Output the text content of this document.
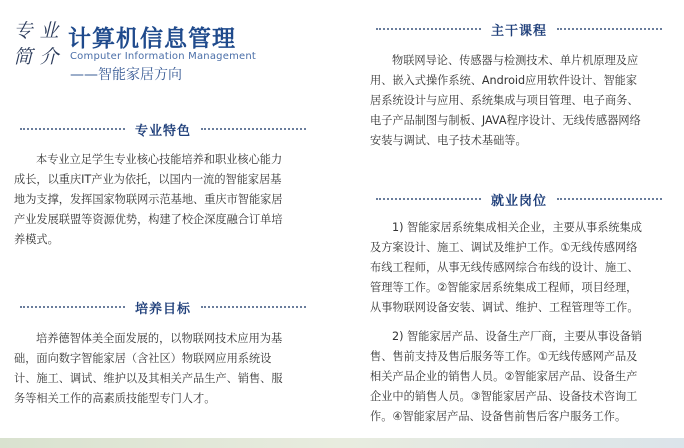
专 业
简 介
计算机信息管理
Computer Information Management
——智能家居方向
专业特色
本专业立足学生专业核心技能培养和职业核心能力
成长，以重庆IT产业为依托，以国内一流的智能家居基
地为支撑，发挥国家物联网示范基地、重庆市智能家居
产业发展联盟等资源优势，构建了校企深度融合订单培
养模式。
培养目标
培养德智体美全面发展的，以物联网技术应用为基
础，面向数字智能家居（含社区）物联网应用系统设
计、施工、调试、维护以及其相关产品生产、销售、服
务等相关工作的高素质技能型专门人才。
主干课程
物联网导论、传感器与检测技术、单片机原理及应
用、嵌入式操作系统、Android应用软件设计、智能家
居系统设计与应用、系统集成与项目管理、电子商务、
电子产品制图与制板、JAVA程序设计、无线传感器网络
安装与调试、电子技术基础等。
就业岗位
1) 智能家居系统集成相关企业，主要从事系统集成
及方案设计、施工、调试及维护工作。①无线传感网络
布线工程师，从事无线传感网综合布线的设计、施工、
管理等工作。②智能家居系统集成工程师，项目经理，
从事物联网设备安装、调试、维护、工程管理等工作。
2) 智能家居产品、设备生产厂商，主要从事设备销
售、售前支持及售后服务等工作。①无线传感网产品及
相关产品企业的销售人员。②智能家居产品、设备生产
企业中的销售人员。③智能家居产品、设备技术咨询工
作。④智能家居产品、设备售前售后客户服务工作。
